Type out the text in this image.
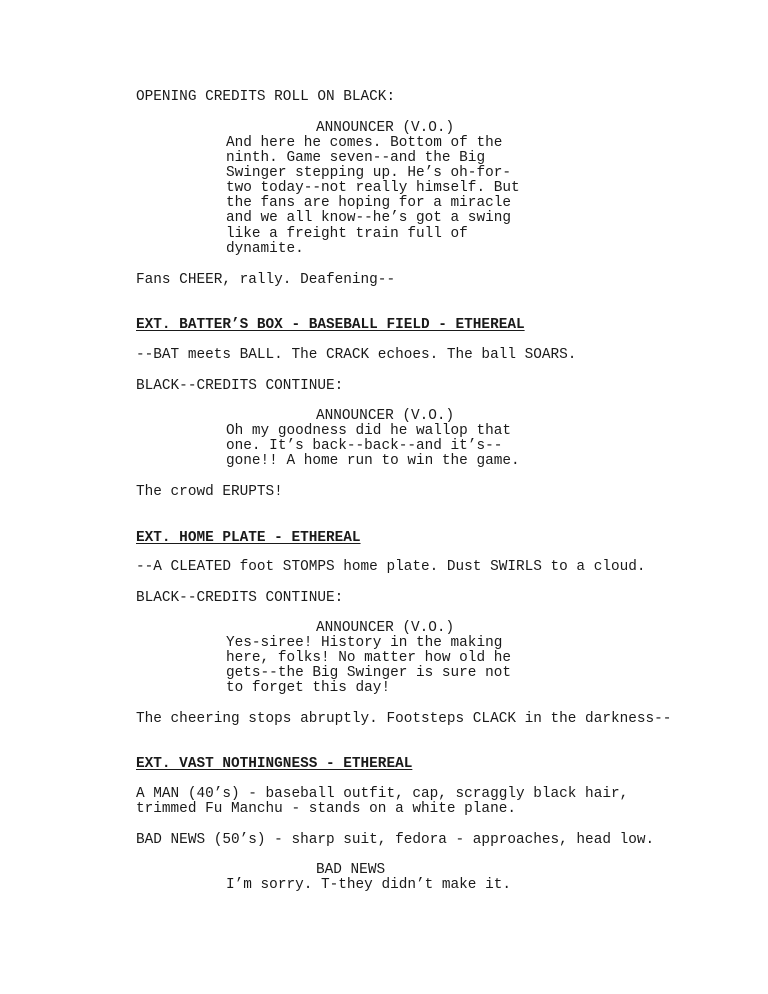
OPENING CREDITS ROLL ON BLACK:
ANNOUNCER (V.O.)
And here he comes. Bottom of the
ninth. Game seven--and the Big
Swinger stepping up. He’s oh-for-
two today--not really himself. But
the fans are hoping for a miracle
and we all know--he’s got a swing
like a freight train full of
dynamite.
Fans CHEER, rally. Deafening--
EXT. BATTER’S BOX - BASEBALL FIELD - ETHEREAL
--BAT meets BALL. The CRACK echoes. The ball SOARS.
BLACK--CREDITS CONTINUE:
ANNOUNCER (V.O.)
Oh my goodness did he wallop that
one. It’s back--back--and it’s--
gone!! A home run to win the game.
The crowd ERUPTS!
EXT. HOME PLATE - ETHEREAL
--A CLEATED foot STOMPS home plate. Dust SWIRLS to a cloud.
BLACK--CREDITS CONTINUE:
ANNOUNCER (V.O.)
Yes-siree! History in the making
here, folks! No matter how old he
gets--the Big Swinger is sure not
to forget this day!
The cheering stops abruptly. Footsteps CLACK in the darkness--
EXT. VAST NOTHINGNESS - ETHEREAL
A MAN (40’s) - baseball outfit, cap, scraggly black hair,
trimmed Fu Manchu - stands on a white plane.
BAD NEWS (50’s) - sharp suit, fedora - approaches, head low.
BAD NEWS
I’m sorry. T-they didn’t make it.
